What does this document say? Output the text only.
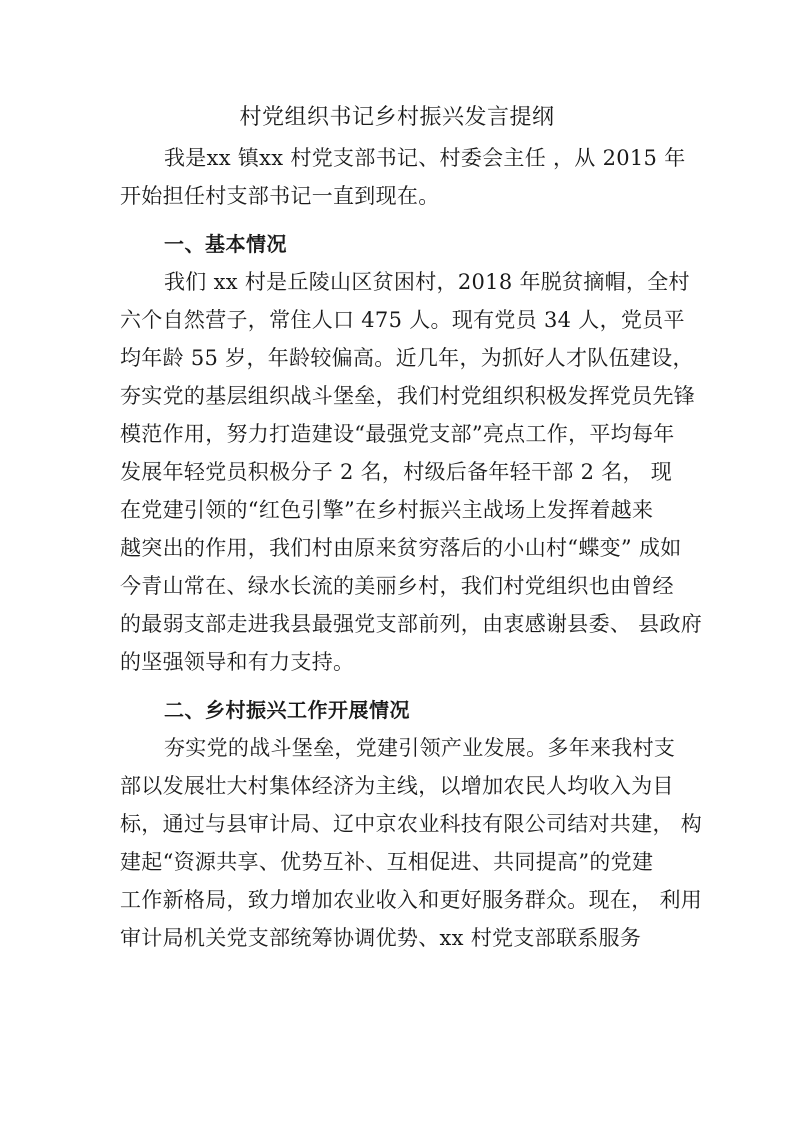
村党组织书记乡村振兴发言提纲
我是xx 镇xx 村党支部书记、村委会主任 ，从 2015 年
开始担任村支部书记一直到现在。
一、基本情况
我们 xx 村是丘陵山区贫困村，2018 年脱贫摘帽，全村
六个自然营子，常住人口 475 人。现有党员 34 人，党员平
均年龄 55 岁，年龄较偏高。近几年，为抓好人才队伍建设，
夯实党的基层组织战斗堡垒，我们村党组织积极发挥党员先锋
模范作用，努力打造建设“最强党支部”亮点工作，平均每年
发展年轻党员积极分子 2 名，村级后备年轻干部 2 名， 现
在党建引领的“红色引擎”在乡村振兴主战场上发挥着越来
越突出的作用，我们村由原来贫穷落后的小山村“蝶变” 成如
今青山常在、绿水长流的美丽乡村，我们村党组织也由曾经
的最弱支部走进我县最强党支部前列，由衷感谢县委、 县政府
的坚强领导和有力支持。
二、乡村振兴工作开展情况
夯实党的战斗堡垒，党建引领产业发展。多年来我村支
部以发展壮大村集体经济为主线，以增加农民人均收入为目
标，通过与县审计局、辽中京农业科技有限公司结对共建， 构
建起“资源共享、优势互补、互相促进、共同提高”的党建
工作新格局，致力增加农业收入和更好服务群众。现在， 利用
审计局机关党支部统筹协调优势、xx 村党支部联系服务
